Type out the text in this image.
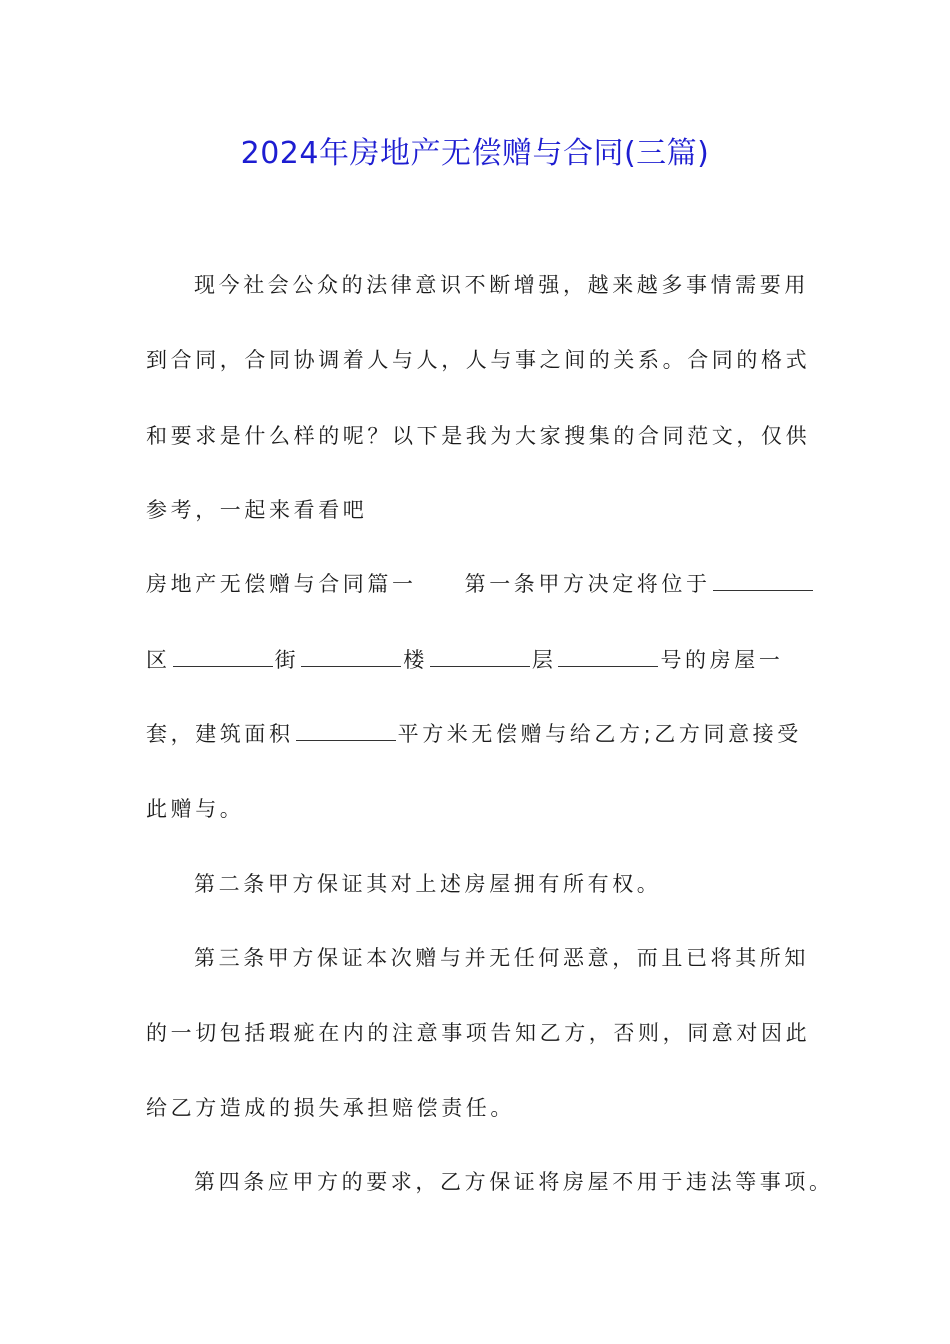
2024年房地产无偿赠与合同(三篇)
现今社会公众的法律意识不断增强，越来越多事情需要用
到合同，合同协调着人与人，人与事之间的关系。合同的格式
和要求是什么样的呢？以下是我为大家搜集的合同范文，仅供
参考，一起来看看吧
房地产无偿赠与合同篇一 第一条甲方决定将位于
区	街	楼	层	号的房屋一
套，建筑面积	平方米无偿赠与给乙方;乙方同意接受
此赠与。
第二条甲方保证其对上述房屋拥有所有权。
第三条甲方保证本次赠与并无任何恶意，而且已将其所知
的一切包括瑕疵在内的注意事项告知乙方，否则，同意对因此
给乙方造成的损失承担赔偿责任。
第四条应甲方的要求，乙方保证将房屋不用于违法等事项。
